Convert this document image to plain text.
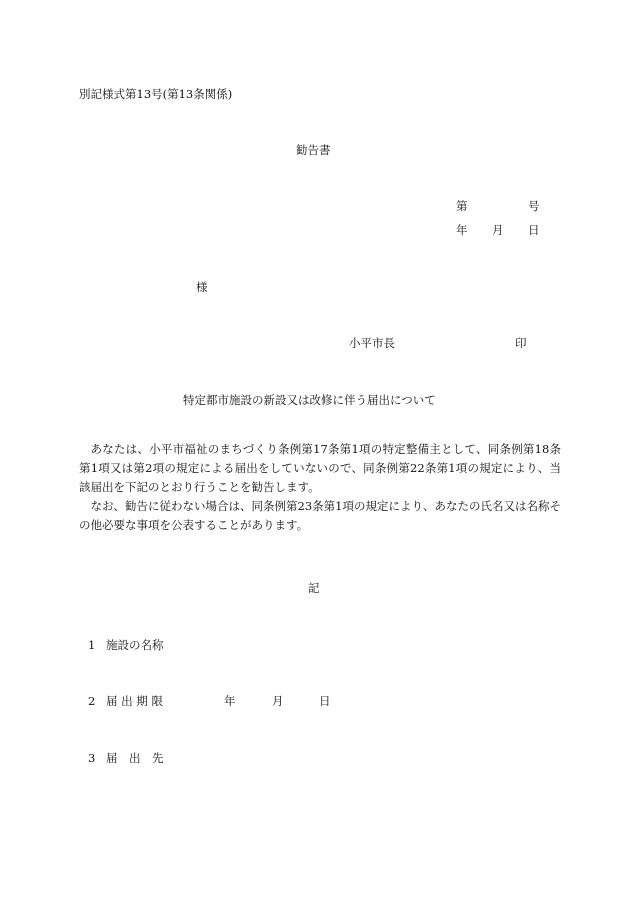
別記様式第13号(第13条関係)
勧告書
第	号
年 月 日
様
小平市長	印
特定都市施設の新設又は改修に伴う届出について

あなたは、小平市福祉のまちづくり条例第17条第1項の特定整備主として、同条例第18条第1項又は第2項の規定による届出をしていないので、同条例第22条第1項の規定により、当該届出を下記のとおり行うことを勧告します。

なお、勧告に従わない場合は、同条例第23条第1項の規定により、あなたの氏名又は名称その他必要な事項を公表することがあります。

記
1 施設の名称
2 届 出 期 限	年	月	日
3 届　出　先
